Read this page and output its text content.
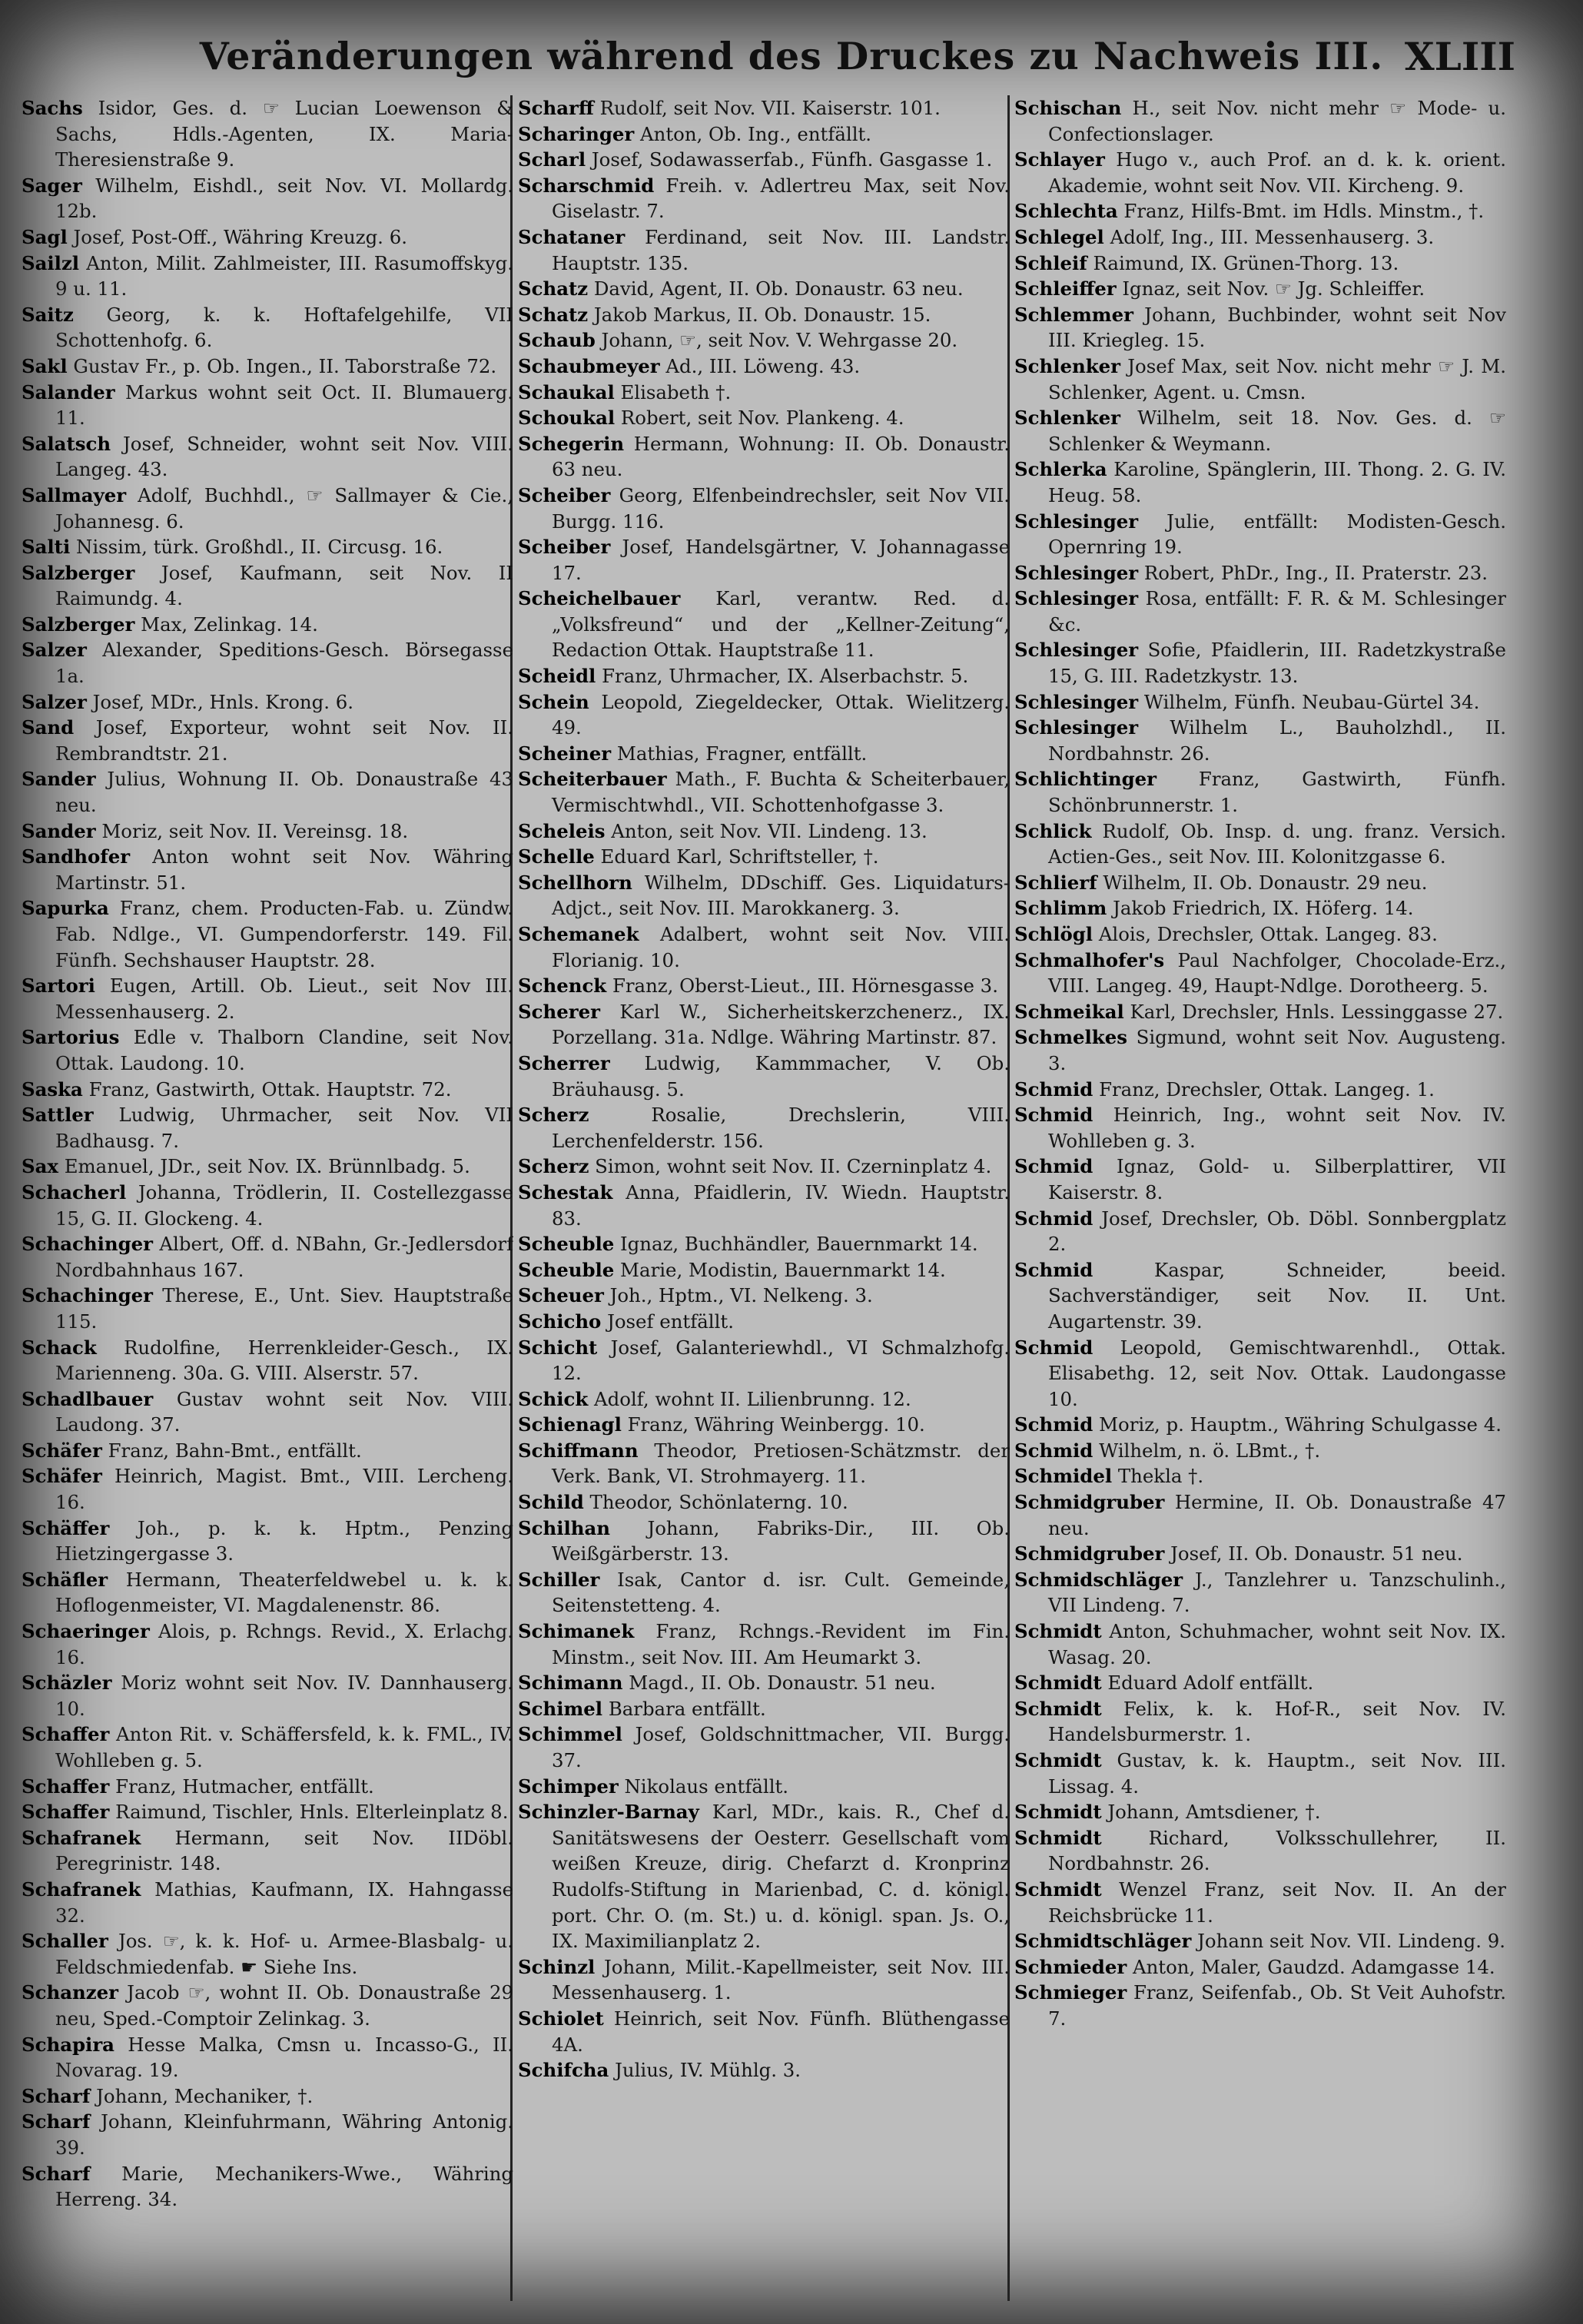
Veränderungen während des Druckes zu Nachweis III. XLIII
Sachs Isidor, Ges. d. ☞ Lucian Loewenson & Sachs, Hdls.-Agenten, IX. Maria-Theresienstraße 9.
Sager Wilhelm, Eishdl., seit Nov. VI. Mollardg. 12b.
Sagl Josef, Post-Off., Währing Kreuzg. 6.
Sailzl Anton, Milit. Zahlmeister, III. Rasumoffskyg. 9 u. 11.
Saitz Georg, k. k. Hoftafelgehilfe, VII Schottenhofg. 6.
Sakl Gustav Fr., p. Ob. Ingen., II. Taborstraße 72.
Salander Markus wohnt seit Oct. II. Blumauerg. 11.
Salatsch Josef, Schneider, wohnt seit Nov. VIII. Langeg. 43.
Sallmayer Adolf, Buchhdl., ☞ Sallmayer & Cie., Johannesg. 6.
Salti Nissim, türk. Großhdl., II. Circusg. 16.
Salzberger Josef, Kaufmann, seit Nov. II Raimundg. 4.
Salzberger Max, Zelinkag. 14.
Salzer Alexander, Speditions-Gesch. Börsegasse 1a.
Salzer Josef, MDr., Hnls. Krong. 6.
Sand Josef, Exporteur, wohnt seit Nov. II. Rembrandtstr. 21.
Sander Julius, Wohnung II. Ob. Donaustraße 43 neu.
Sander Moriz, seit Nov. II. Vereinsg. 18.
Sandhofer Anton wohnt seit Nov. Währing Martinstr. 51.
Sapurka Franz, chem. Producten-Fab. u. Zündw. Fab. Ndlge., VI. Gumpendorferstr. 149. Fil. Fünfh. Sechshauser Hauptstr. 28.
Sartori Eugen, Artill. Ob. Lieut., seit Nov III. Messenhauserg. 2.
Sartorius Edle v. Thalborn Clandine, seit Nov. Ottak. Laudong. 10.
Saska Franz, Gastwirth, Ottak. Hauptstr. 72.
Sattler Ludwig, Uhrmacher, seit Nov. VII Badhausg. 7.
Sax Emanuel, JDr., seit Nov. IX. Brünnlbadg. 5.
Schacherl Johanna, Trödlerin, II. Costellezgasse 15, G. II. Glockeng. 4.
Schachinger Albert, Off. d. NBahn, Gr.-Jedlersdorf Nordbahnhaus 167.
Schachinger Therese, E., Unt. Siev. Hauptstraße 115.
Schack Rudolfine, Herrenkleider-Gesch., IX. Marienneng. 30a. G. VIII. Alserstr. 57.
Schadlbauer Gustav wohnt seit Nov. VIII. Laudong. 37.
Schäfer Franz, Bahn-Bmt., entfällt.
Schäfer Heinrich, Magist. Bmt., VIII. Lercheng. 16.
Schäffer Joh., p. k. k. Hptm., Penzing Hietzingergasse 3.
Schäfler Hermann, Theaterfeldwebel u. k. k. Hoflogenmeister, VI. Magdalenenstr. 86.
Schaeringer Alois, p. Rchngs. Revid., X. Erlachg. 16.
Schäzler Moriz wohnt seit Nov. IV. Dannhauserg. 10.
Schaffer Anton Rit. v. Schäffersfeld, k. k. FML., IV. Wohlleben g. 5.
Schaffer Franz, Hutmacher, entfällt.
Schaffer Raimund, Tischler, Hnls. Elterleinplatz 8.
Schafranek Hermann, seit Nov. IIDöbl. Peregrinistr. 148.
Schafranek Mathias, Kaufmann, IX. Hahngasse 32.
Schaller Jos. ☞, k. k. Hof- u. Armee-Blasbalg- u. Feldschmiedenfab. ☛ Siehe Ins.
Schanzer Jacob ☞, wohnt II. Ob. Donaustraße 29 neu, Sped.-Comptoir Zelinkag. 3.
Schapira Hesse Malka, Cmsn u. Incasso-G., II. Novarag. 19.
Scharf Johann, Mechaniker, †.
Scharf Johann, Kleinfuhrmann, Währing Antonig. 39.
Scharf Marie, Mechanikers-Wwe., Währing Herreng. 34.
Scharff Rudolf, seit Nov. VII. Kaiserstr. 101.
Scharinger Anton, Ob. Ing., entfällt.
Scharl Josef, Sodawasserfab., Fünfh. Gasgasse 1.
Scharschmid Freih. v. Adlertreu Max, seit Nov. Giselastr. 7.
Schataner Ferdinand, seit Nov. III. Landstr. Hauptstr. 135.
Schatz David, Agent, II. Ob. Donaustr. 63 neu.
Schatz Jakob Markus, II. Ob. Donaustr. 15.
Schaub Johann, ☞, seit Nov. V. Wehrgasse 20.
Schaubmeyer Ad., III. Löweng. 43.
Schaukal Elisabeth †.
Schoukal Robert, seit Nov. Plankeng. 4.
Schegerin Hermann, Wohnung: II. Ob. Donaustr. 63 neu.
Scheiber Georg, Elfenbeindrechsler, seit Nov VII. Burgg. 116.
Scheiber Josef, Handelsgärtner, V. Johannagasse 17.
Scheichelbauer Karl, verantw. Red. d. „Volksfreund“ und der „Kellner-Zeitung“, Redaction Ottak. Hauptstraße 11.
Scheidl Franz, Uhrmacher, IX. Alserbachstr. 5.
Schein Leopold, Ziegeldecker, Ottak. Wielitzerg. 49.
Scheiner Mathias, Fragner, entfällt.
Scheiterbauer Math., F. Buchta & Scheiterbauer, Vermischtwhdl., VII. Schottenhofgasse 3.
Scheleis Anton, seit Nov. VII. Lindeng. 13.
Schelle Eduard Karl, Schriftsteller, †.
Schellhorn Wilhelm, DDschiff. Ges. Liquidaturs-Adjct., seit Nov. III. Marokkanerg. 3.
Schemanek Adalbert, wohnt seit Nov. VIII. Florianig. 10.
Schenck Franz, Oberst-Lieut., III. Hörnesgasse 3.
Scherer Karl W., Sicherheitskerzchenerz., IX. Porzellang. 31a. Ndlge. Währing Martinstr. 87.
Scherrer Ludwig, Kammmacher, V. Ob. Bräuhausg. 5.
Scherz Rosalie, Drechslerin, VIII. Lerchenfelderstr. 156.
Scherz Simon, wohnt seit Nov. II. Czerninplatz 4.
Schestak Anna, Pfaidlerin, IV. Wiedn. Hauptstr. 83.
Scheuble Ignaz, Buchhändler, Bauernmarkt 14.
Scheuble Marie, Modistin, Bauernmarkt 14.
Scheuer Joh., Hptm., VI. Nelkeng. 3.
Schicho Josef entfällt.
Schicht Josef, Galanteriewhdl., VI Schmalzhofg. 12.
Schick Adolf, wohnt II. Lilienbrunng. 12.
Schienagl Franz, Währing Weinbergg. 10.
Schiffmann Theodor, Pretiosen-Schätzmstr. der Verk. Bank, VI. Strohmayerg. 11.
Schild Theodor, Schönlaterng. 10.
Schilhan Johann, Fabriks-Dir., III. Ob. Weißgärberstr. 13.
Schiller Isak, Cantor d. isr. Cult. Gemeinde, Seitenstetteng. 4.
Schimanek Franz, Rchngs.-Revident im Fin. Minstm., seit Nov. III. Am Heumarkt 3.
Schimann Magd., II. Ob. Donaustr. 51 neu.
Schimel Barbara entfällt.
Schimmel Josef, Goldschnittmacher, VII. Burgg. 37.
Schimper Nikolaus entfällt.
Schinzler-Barnay Karl, MDr., kais. R., Chef d. Sanitätswesens der Oesterr. Gesellschaft vom weißen Kreuze, dirig. Chefarzt d. Kronprinz Rudolfs-Stiftung in Marienbad, C. d. königl. port. Chr. O. (m. St.) u. d. königl. span. Js. O., IX. Maximilianplatz 2.
Schinzl Johann, Milit.-Kapellmeister, seit Nov. III. Messenhauserg. 1.
Schiolet Heinrich, seit Nov. Fünfh. Blüthengasse 4A.
Schifcha Julius, IV. Mühlg. 3.
Schischan H., seit Nov. nicht mehr ☞ Mode- u. Confectionslager.
Schlayer Hugo v., auch Prof. an d. k. k. orient. Akademie, wohnt seit Nov. VII. Kircheng. 9.
Schlechta Franz, Hilfs-Bmt. im Hdls. Minstm., †.
Schlegel Adolf, Ing., III. Messenhauserg. 3.
Schleif Raimund, IX. Grünen-Thorg. 13.
Schleiffer Ignaz, seit Nov. ☞ Jg. Schleiffer.
Schlemmer Johann, Buchbinder, wohnt seit Nov III. Kriegleg. 15.
Schlenker Josef Max, seit Nov. nicht mehr ☞ J. M. Schlenker, Agent. u. Cmsn.
Schlenker Wilhelm, seit 18. Nov. Ges. d. ☞ Schlenker & Weymann.
Schlerka Karoline, Spänglerin, III. Thong. 2. G. IV. Heug. 58.
Schlesinger Julie, entfällt: Modisten-Gesch. Opernring 19.
Schlesinger Robert, PhDr., Ing., II. Praterstr. 23.
Schlesinger Rosa, entfällt: F. R. & M. Schlesinger &c.
Schlesinger Sofie, Pfaidlerin, III. Radetzkystraße 15, G. III. Radetzkystr. 13.
Schlesinger Wilhelm, Fünfh. Neubau-Gürtel 34.
Schlesinger Wilhelm L., Bauholzhdl., II. Nordbahnstr. 26.
Schlichtinger Franz, Gastwirth, Fünfh. Schönbrunnerstr. 1.
Schlick Rudolf, Ob. Insp. d. ung. franz. Versich. Actien-Ges., seit Nov. III. Kolonitzgasse 6.
Schlierf Wilhelm, II. Ob. Donaustr. 29 neu.
Schlimm Jakob Friedrich, IX. Höferg. 14.
Schlögl Alois, Drechsler, Ottak. Langeg. 83.
Schmalhofer's Paul Nachfolger, Chocolade-Erz., VIII. Langeg. 49, Haupt-Ndlge. Dorotheerg. 5.
Schmeikal Karl, Drechsler, Hnls. Lessinggasse 27.
Schmelkes Sigmund, wohnt seit Nov. Augusteng. 3.
Schmid Franz, Drechsler, Ottak. Langeg. 1.
Schmid Heinrich, Ing., wohnt seit Nov. IV. Wohlleben g. 3.
Schmid Ignaz, Gold- u. Silberplattirer, VII Kaiserstr. 8.
Schmid Josef, Drechsler, Ob. Döbl. Sonnbergplatz 2.
Schmid Kaspar, Schneider, beeid. Sachverständiger, seit Nov. II. Unt. Augartenstr. 39.
Schmid Leopold, Gemischtwarenhdl., Ottak. Elisabethg. 12, seit Nov. Ottak. Laudongasse 10.
Schmid Moriz, p. Hauptm., Währing Schulgasse 4.
Schmid Wilhelm, n. ö. LBmt., †.
Schmidel Thekla †.
Schmidgruber Hermine, II. Ob. Donaustraße 47 neu.
Schmidgruber Josef, II. Ob. Donaustr. 51 neu.
Schmidschläger J., Tanzlehrer u. Tanzschulinh., VII Lindeng. 7.
Schmidt Anton, Schuhmacher, wohnt seit Nov. IX. Wasag. 20.
Schmidt Eduard Adolf entfällt.
Schmidt Felix, k. k. Hof-R., seit Nov. IV. Handelsburmerstr. 1.
Schmidt Gustav, k. k. Hauptm., seit Nov. III. Lissag. 4.
Schmidt Johann, Amtsdiener, †.
Schmidt Richard, Volksschullehrer, II. Nordbahnstr. 26.
Schmidt Wenzel Franz, seit Nov. II. An der Reichsbrücke 11.
Schmidtschläger Johann seit Nov. VII. Lindeng. 9.
Schmieder Anton, Maler, Gaudzd. Adamgasse 14.
Schmieger Franz, Seifenfab., Ob. St Veit Auhofstr. 7.
